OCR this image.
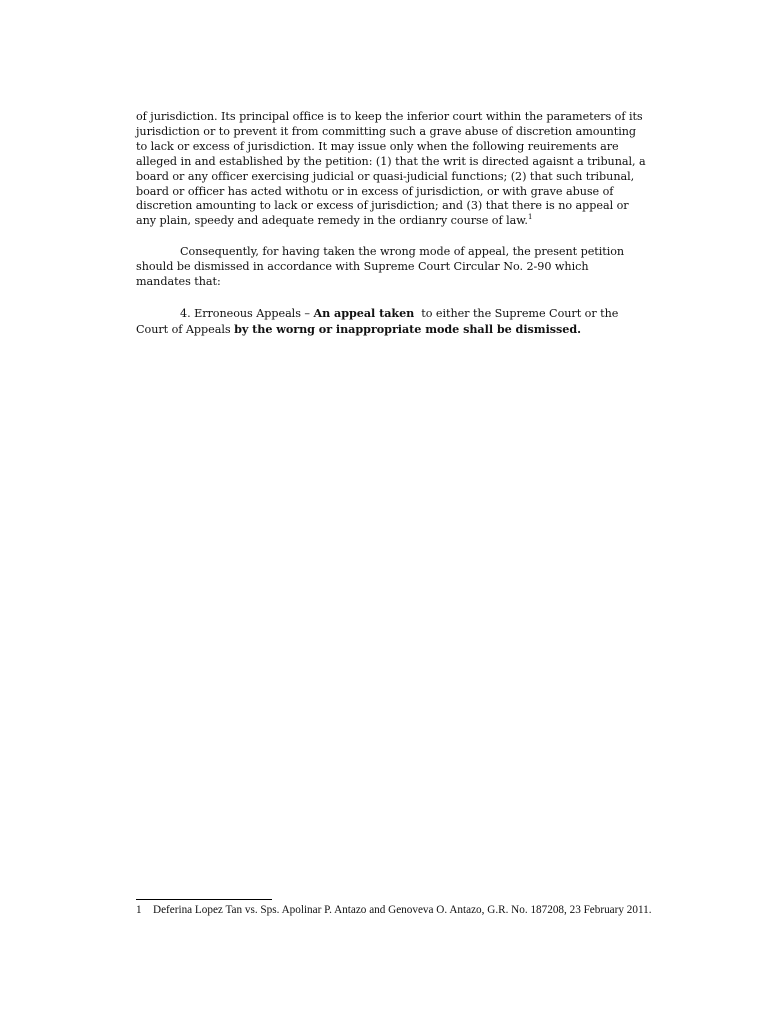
of jurisdiction. Its principal office is to keep the inferior court within the parameters of its jurisdiction or to prevent it from committing such a grave abuse of discretion amounting to lack or excess of jurisdiction. It may issue only when the following reuirements are alleged in and established by the petition: (1) that the writ is directed agaisnt a tribunal, a board or any officer exercising judicial or quasi-judicial functions; (2) that such tribunal, board or officer has acted withotu or in excess of jurisdiction, or with grave abuse of discretion amounting to lack or excess of jurisdiction; and (3) that there is no appeal or any plain, speedy and adequate remedy in the ordianry course of law.$^1$
Consequently, for having taken the wrong mode of appeal, the present petition should be dismissed in accordance with Supreme Court Circular No. 2-90 which mandates that:
4. Erroneous Appeals – An appeal taken  to either the Supreme Court or the Court of Appeals by the worng or inappropriate mode shall be dismissed.
1	Deferina Lopez Tan vs. Sps. Apolinar P. Antazo and Genoveva O. Antazo, G.R. No. 187208, 23 February 2011.
